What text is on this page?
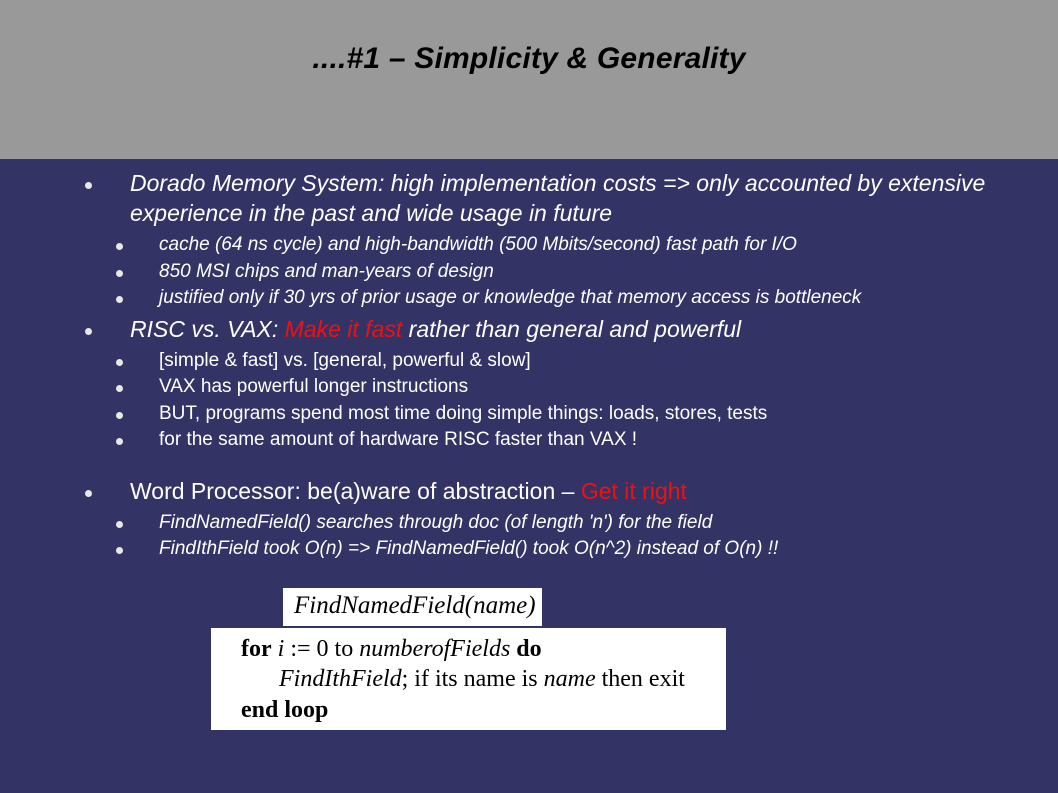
....#1 – Simplicity & Generality
Dorado Memory System: high implementation costs => only accounted by extensive experience in the past and wide usage in future
cache (64 ns cycle) and high-bandwidth (500 Mbits/second) fast path for I/O
850 MSI chips and man-years of design
justified only if 30 yrs of prior usage or knowledge that memory access is bottleneck
RISC vs. VAX: Make it fast rather than general and powerful
[simple & fast] vs. [general, powerful & slow]
VAX has powerful longer instructions
BUT, programs spend most time doing simple things: loads, stores, tests
for the same amount of hardware RISC faster than VAX !
Word Processor: be(a)ware of abstraction – Get it right
FindNamedField() searches through doc (of length 'n') for the field
FindIthField took O(n) => FindNamedField() took O(n^2) instead of O(n) !!
FindNamedField(name)
for i := 0 to numberofFields do
FindIthField; if its name is name then exit
end loop
